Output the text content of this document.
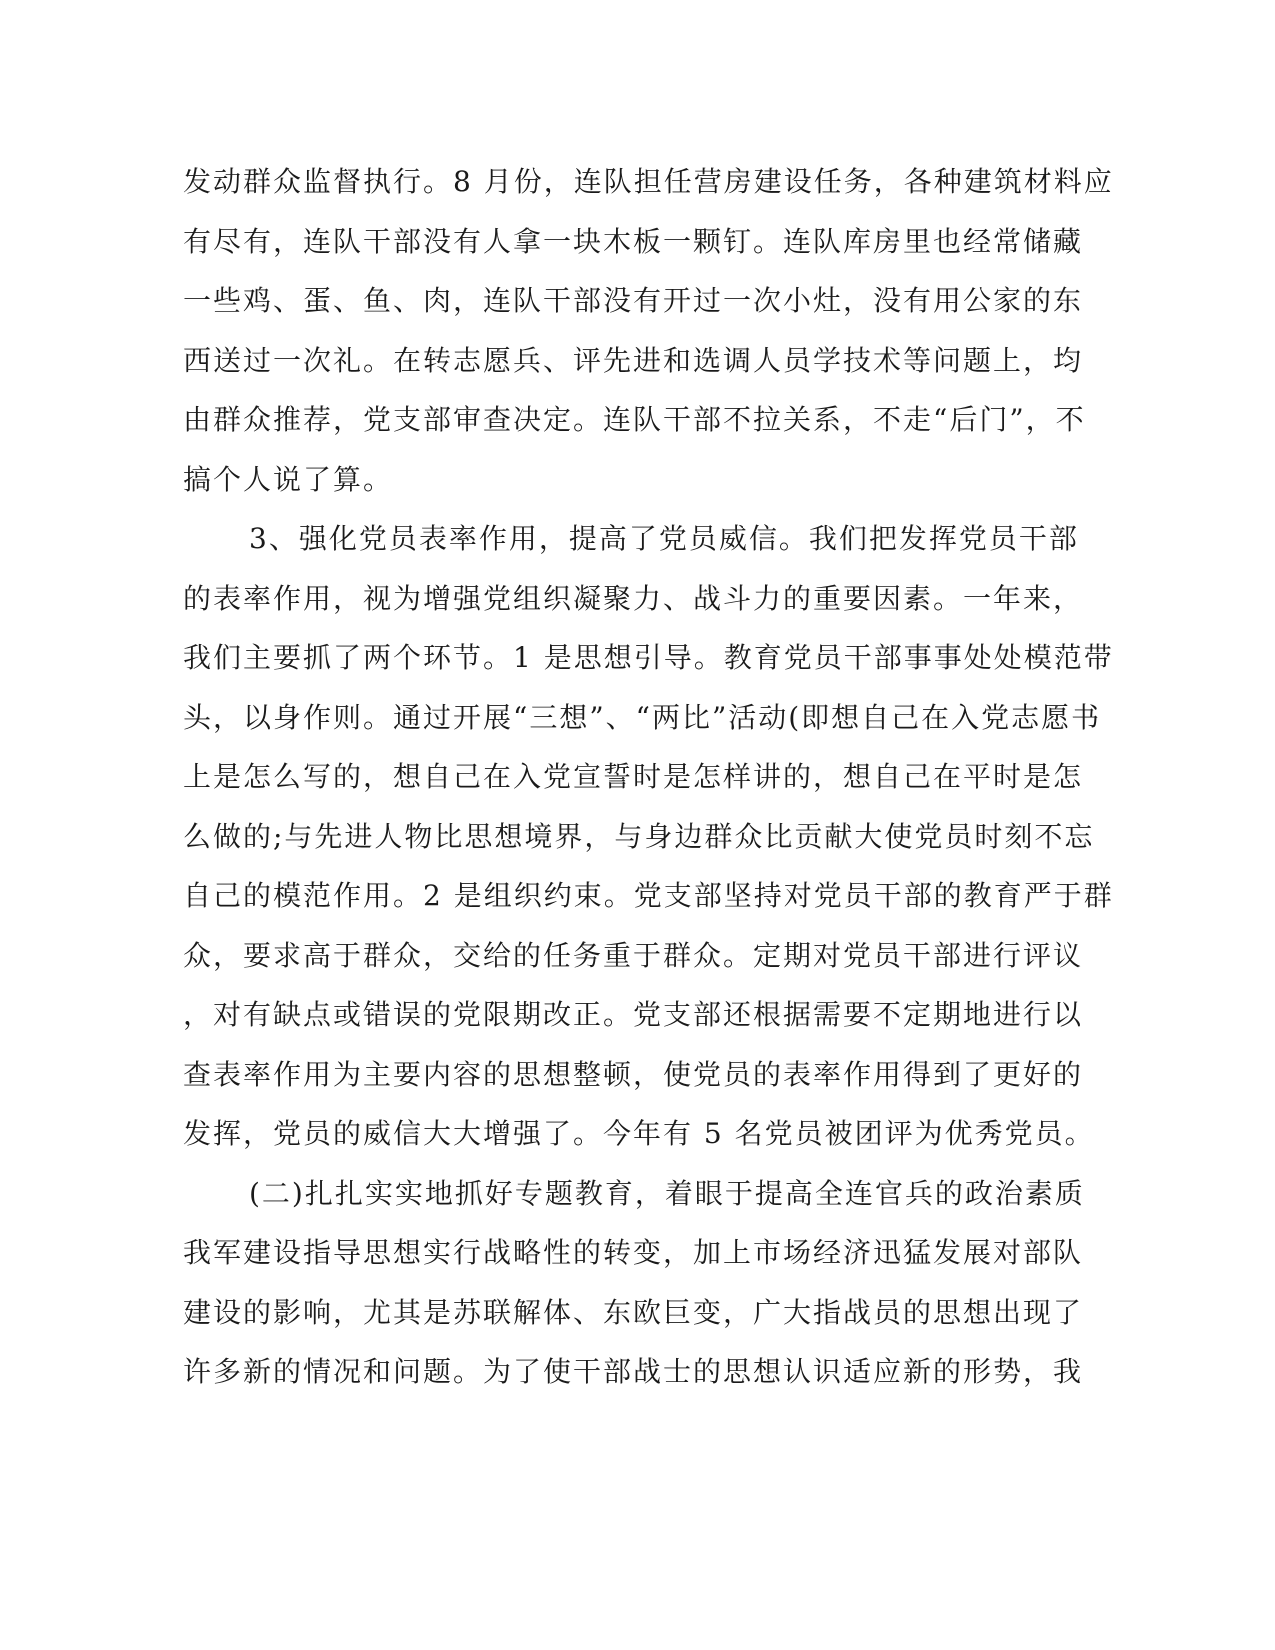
发动群众监督执行。8 月份，连队担任营房建设任务，各种建筑材料应
有尽有，连队干部没有人拿一块木板一颗钉。连队库房里也经常储藏
一些鸡、蛋、鱼、肉，连队干部没有开过一次小灶，没有用公家的东
西送过一次礼。在转志愿兵、评先进和选调人员学技术等问题上，均
由群众推荐，党支部审查决定。连队干部不拉关系，不走“后门”，不
搞个人说了算。
3、强化党员表率作用，提高了党员威信。我们把发挥党员干部
的表率作用，视为增强党组织凝聚力、战斗力的重要因素。一年来，
我们主要抓了两个环节。1 是思想引导。教育党员干部事事处处模范带
头，以身作则。通过开展“三想”、“两比”活动(即想自己在入党志愿书
上是怎么写的，想自己在入党宣誓时是怎样讲的，想自己在平时是怎
么做的;与先进人物比思想境界，与身边群众比贡献大使党员时刻不忘
自己的模范作用。2 是组织约束。党支部坚持对党员干部的教育严于群
众，要求高于群众，交给的任务重于群众。定期对党员干部进行评议
，对有缺点或错误的党限期改正。党支部还根据需要不定期地进行以
查表率作用为主要内容的思想整顿，使党员的表率作用得到了更好的
发挥，党员的威信大大增强了。今年有 5 名党员被团评为优秀党员。
(二)扎扎实实地抓好专题教育，着眼于提高全连官兵的政治素质
我军建设指导思想实行战略性的转变，加上市场经济迅猛发展对部队
建设的影响，尤其是苏联解体、东欧巨变，广大指战员的思想出现了
许多新的情况和问题。为了使干部战士的思想认识适应新的形势，我
